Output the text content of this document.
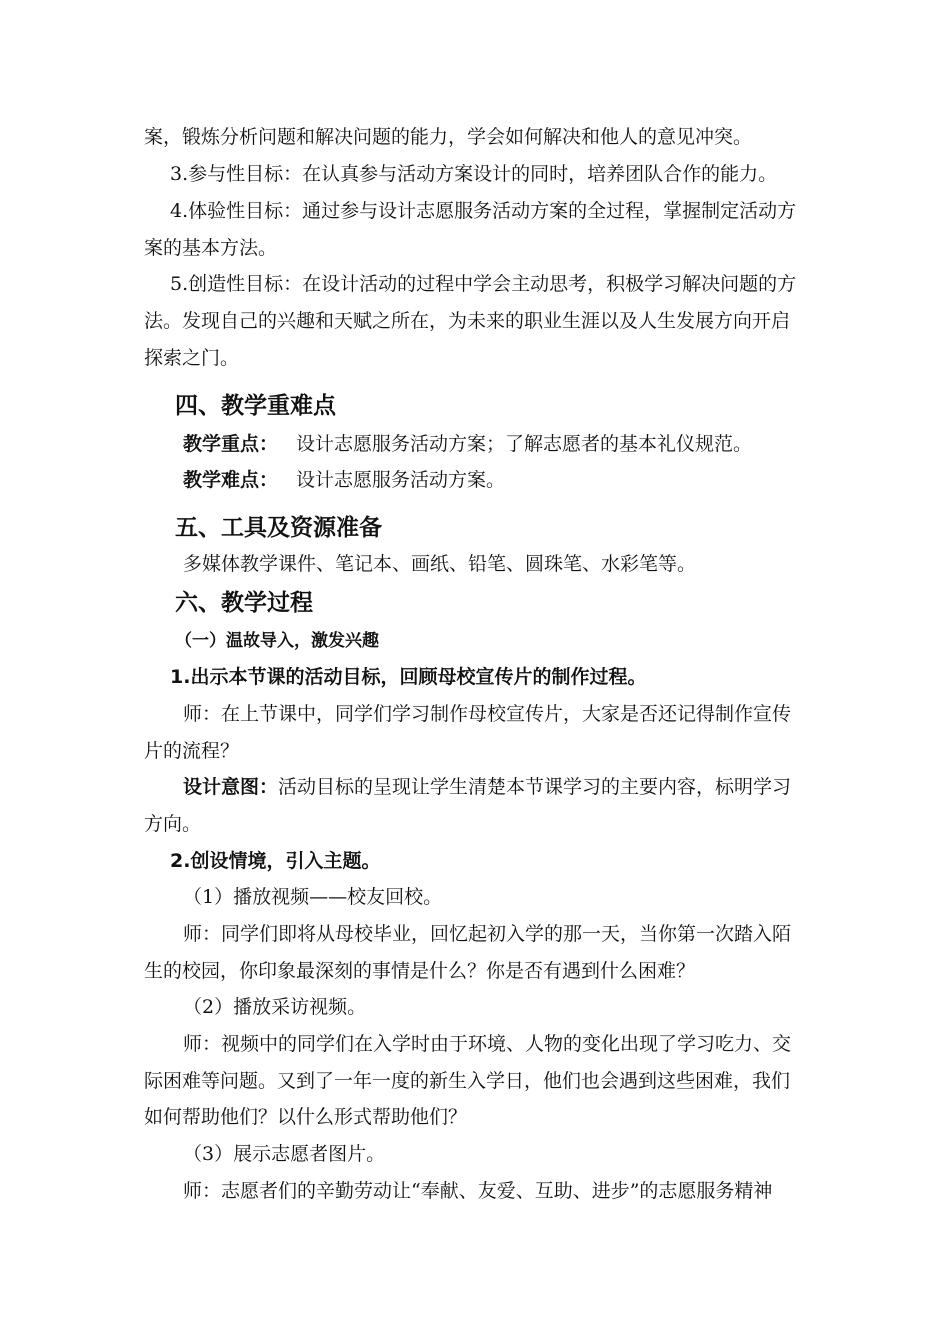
案，锻炼分析问题和解决问题的能力，学会如何解决和他人的意见冲突。
3.参与性目标：在认真参与活动方案设计的同时，培养团队合作的能力。
4.体验性目标：通过参与设计志愿服务活动方案的全过程，掌握制定活动方
案的基本方法。
5.创造性目标：在设计活动的过程中学会主动思考，积极学习解决问题的方
法。发现自己的兴趣和天赋之所在，为未来的职业生涯以及人生发展方向开启
探索之门。
四、教学重难点
教学重点： 设计志愿服务活动方案；了解志愿者的基本礼仪规范。
教学难点： 设计志愿服务活动方案。
五、工具及资源准备
多媒体教学课件、笔记本、画纸、铅笔、圆珠笔、水彩笔等。
六、教学过程
（一）温故导入，激发兴趣
1.出示本节课的活动目标，回顾母校宣传片的制作过程。
师：在上节课中，同学们学习制作母校宣传片，大家是否还记得制作宣传
片的流程？
设计意图：活动目标的呈现让学生清楚本节课学习的主要内容，标明学习
方向。
2.创设情境，引入主题。
（1）播放视频——校友回校。
师：同学们即将从母校毕业，回忆起初入学的那一天，当你第一次踏入陌
生的校园，你印象最深刻的事情是什么？你是否有遇到什么困难？
（2）播放采访视频。
师：视频中的同学们在入学时由于环境、人物的变化出现了学习吃力、交
际困难等问题。又到了一年一度的新生入学日，他们也会遇到这些困难，我们
如何帮助他们？以什么形式帮助他们？
（3）展示志愿者图片。
师：志愿者们的辛勤劳动让“奉献、友爱、互助、进步”的志愿服务精神
